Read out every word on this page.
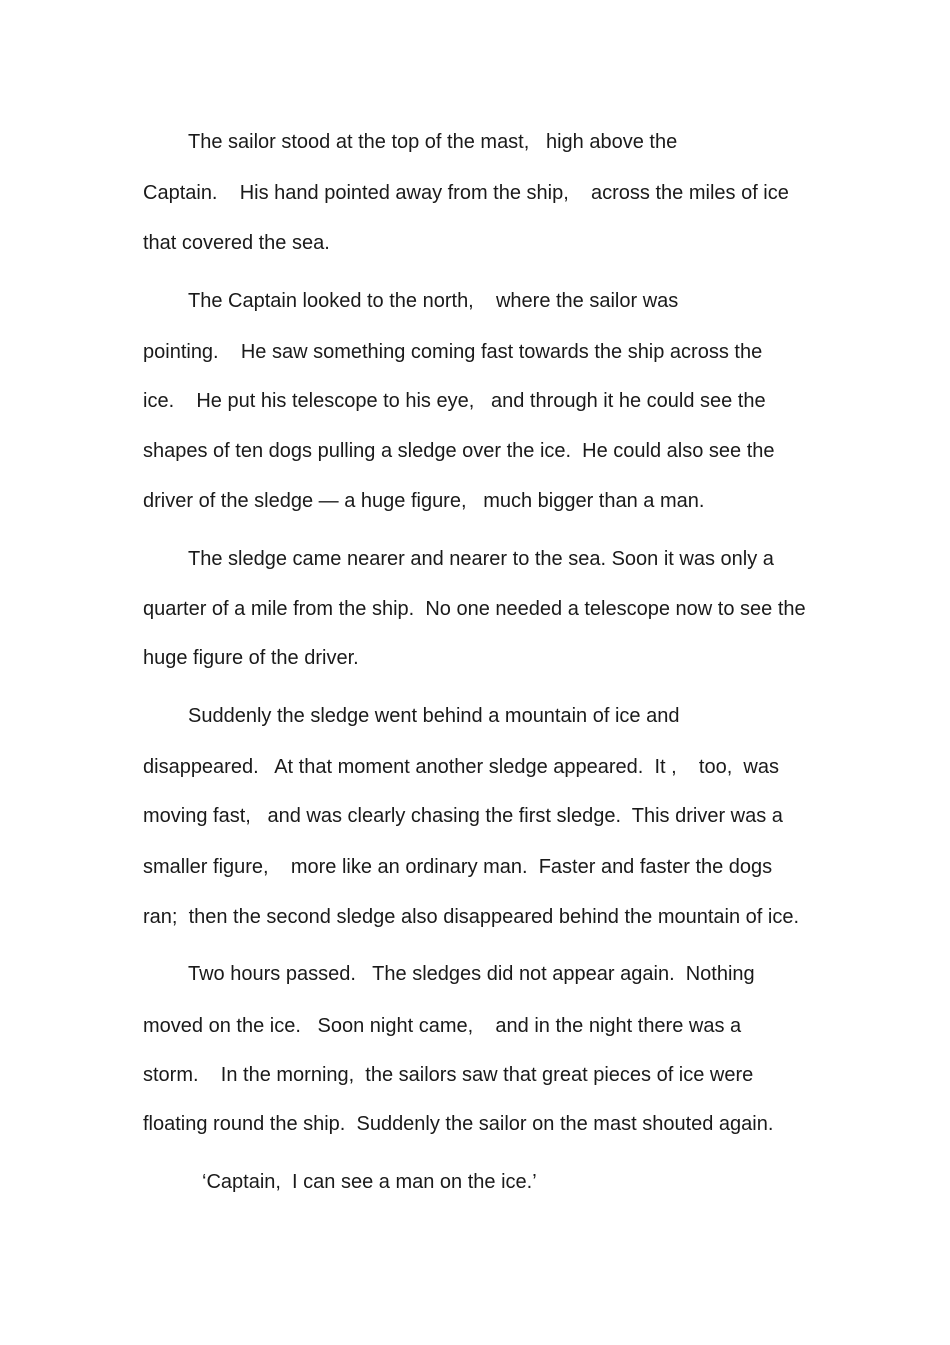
The sailor stood at the top of the mast,   high above the

Captain.    His hand pointed away from the ship,    across the miles of ice

that covered the sea.

The Captain looked to the north,    where the sailor was

pointing.    He saw something coming fast towards the ship across the

ice.    He put his telescope to his eye,   and through it he could see the

shapes of ten dogs pulling a sledge over the ice.  He could also see the

driver of the sledge — a huge figure,   much bigger than a man.

The sledge came nearer and nearer to the sea. Soon it was only a

quarter of a mile from the ship.  No one needed a telescope now to see the

huge figure of the driver.

Suddenly the sledge went behind a mountain of ice and

disappeared.   At that moment another sledge appeared.  It ,    too,  was

moving fast,   and was clearly chasing the first sledge.  This driver was a

smaller figure,    more like an ordinary man.  Faster and faster the dogs

ran;  then the second sledge also disappeared behind the mountain of ice.

Two hours passed.   The sledges did not appear again.  Nothing

moved on the ice.   Soon night came,    and in the night there was a

storm.    In the morning,  the sailors saw that great pieces of ice were

floating round the ship.  Suddenly the sailor on the mast shouted again.

‘Captain,  I can see a man on the ice.’
